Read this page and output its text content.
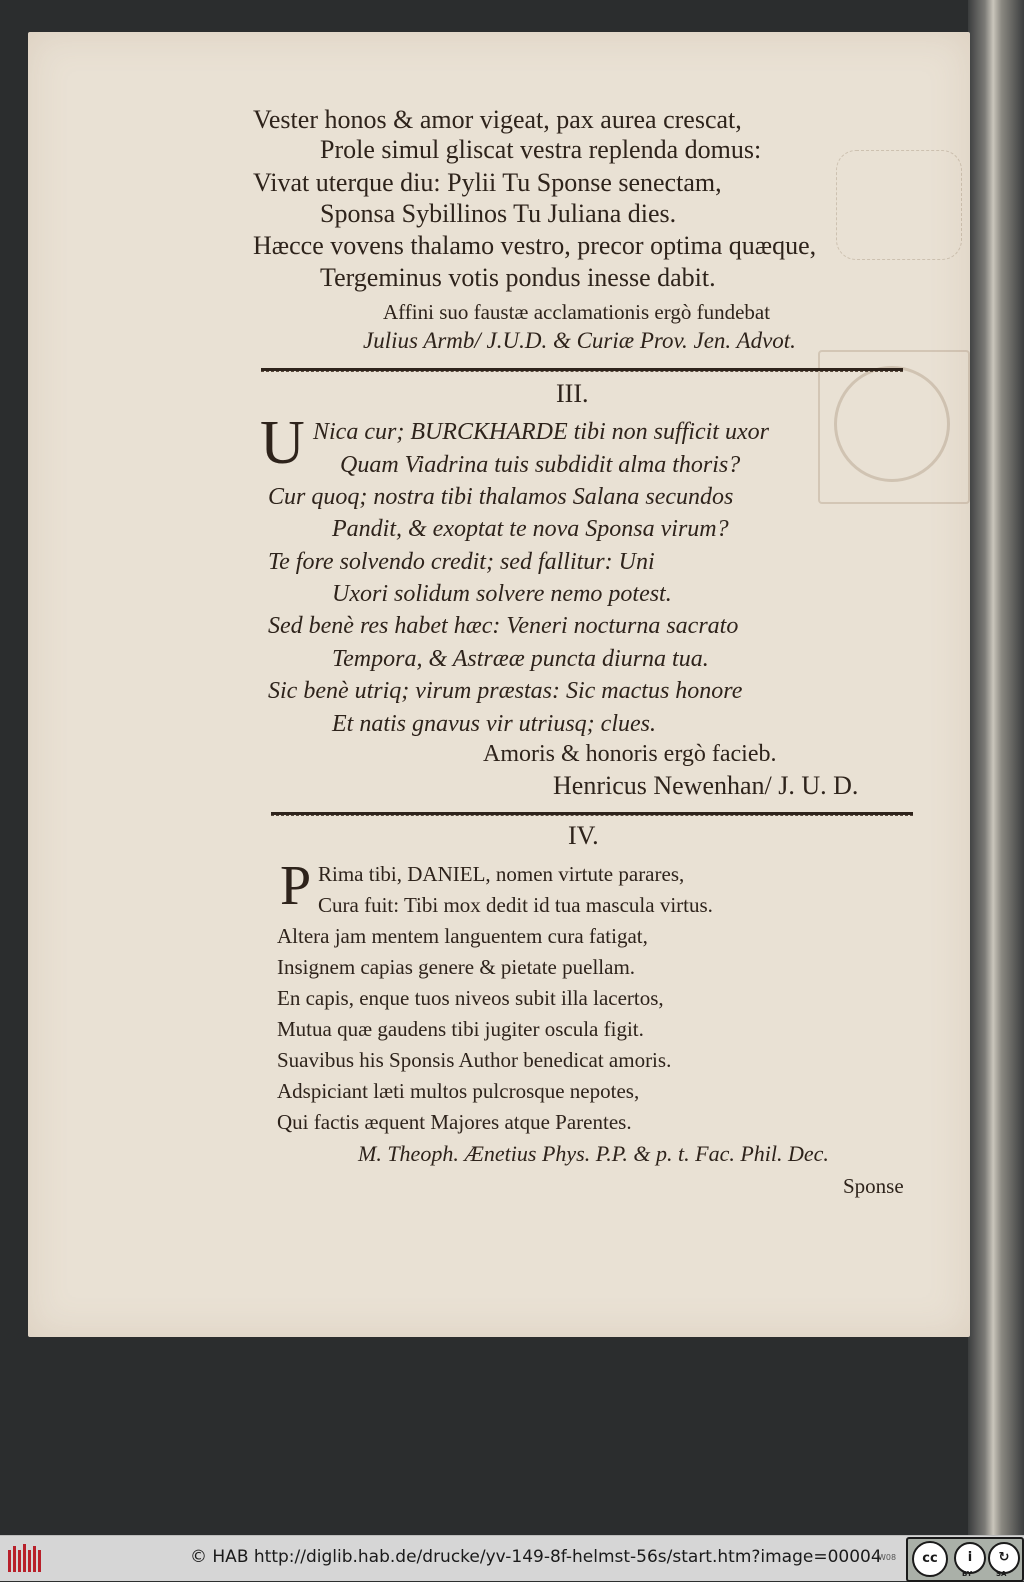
Vester honos & amor vigeat, pax aurea crescat,
Prole simul gliscat vestra replenda domus:
Vivat uterque diu: Pylii Tu Sponse senectam,
Sponsa Sybillinos Tu Juliana dies.
Hæcce vovens thalamo vestro, precor optima quæque,
Tergeminus votis pondus inesse dabit.
Affini suo faustæ acclamationis ergò fundebat
Julius Armb/ J.U.D. & Curiæ Prov. Jen. Advot.
III.
U Nica cur; BURCKHARDE tibi non sufficit uxor
Quam Viadrina tuis subdidit alma thoris?
Cur quoq; nostra tibi thalamos Salana secundos
Pandit, & exoptat te nova Sponsa virum?
Te fore solvendo credit; sed fallitur: Uni
Uxori solidum solvere nemo potest.
Sed benè res habet hæc: Veneri nocturna sacrato
Tempora, & Astrææ puncta diurna tua.
Sic benè utriq; virum præstas: Sic mactus honore
Et natis gnavus vir utriusq; clues.
Amoris & honoris ergò facieb.
Henricus Newenhan/ J. U. D.
IV.
P Rima tibi, DANIEL, nomen virtute parares,
Cura fuit: Tibi mox dedit id tua mascula virtus.
Altera jam mentem languentem cura fatigat,
Insignem capias genere & pietate puellam.
En capis, enque tuos niveos subit illa lacertos,
Mutua quæ gaudens tibi jugiter oscula figit.
Suavibus his Sponsis Author benedicat amoris.
Adspiciant læti multos pulcrosque nepotes,
Qui factis æquent Majores atque Parentes.
M. Theoph. Ænetius Phys. P.P. & p. t. Fac. Phil. Dec.
Sponse
© HAB http://diglib.hab.de/drucke/yv-149-8f-helmst-56s/start.htm?image=00004
W08	cc	i	↻
BY	SA
